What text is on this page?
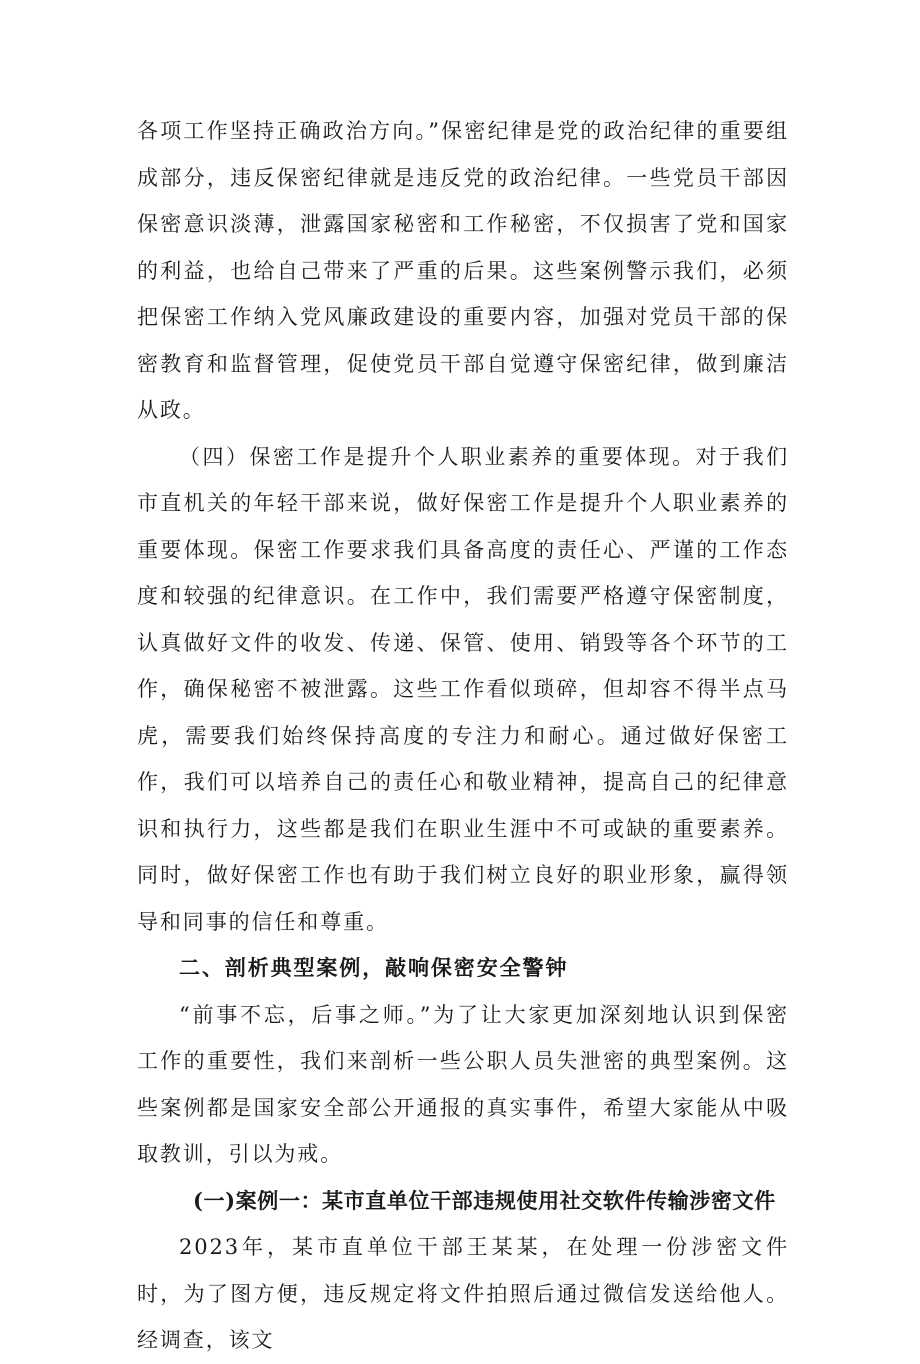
各项工作坚持正确政治方向。”保密纪律是党的政治纪律的重要组成部分，违反保密纪律就是违反党的政治纪律。一些党员干部因保密意识淡薄，泄露国家秘密和工作秘密，不仅损害了党和国家的利益，也给自己带来了严重的后果。这些案例警示我们，必须把保密工作纳入党风廉政建设的重要内容，加强对党员干部的保密教育和监督管理，促使党员干部自觉遵守保密纪律，做到廉洁从政。

（四）保密工作是提升个人职业素养的重要体现。对于我们市直机关的年轻干部来说，做好保密工作是提升个人职业素养的重要体现。保密工作要求我们具备高度的责任心、严谨的工作态度和较强的纪律意识。在工作中，我们需要严格遵守保密制度，认真做好文件的收发、传递、保管、使用、销毁等各个环节的工作，确保秘密不被泄露。这些工作看似琐碎，但却容不得半点马虎，需要我们始终保持高度的专注力和耐心。通过做好保密工作，我们可以培养自己的责任心和敬业精神，提高自己的纪律意识和执行力，这些都是我们在职业生涯中不可或缺的重要素养。同时，做好保密工作也有助于我们树立良好的职业形象，赢得领导和同事的信任和尊重。

二、剖析典型案例，敲响保密安全警钟

“前事不忘，后事之师。”为了让大家更加深刻地认识到保密工作的重要性，我们来剖析一些公职人员失泄密的典型案例。这些案例都是国家安全部公开通报的真实事件，希望大家能从中吸取教训，引以为戒。

(一)案例一：某市直单位干部违规使用社交软件传输涉密文件

2023年，某市直单位干部王某某，在处理一份涉密文件时，为了图方便，违反规定将文件拍照后通过微信发送给他人。经调查，该文
